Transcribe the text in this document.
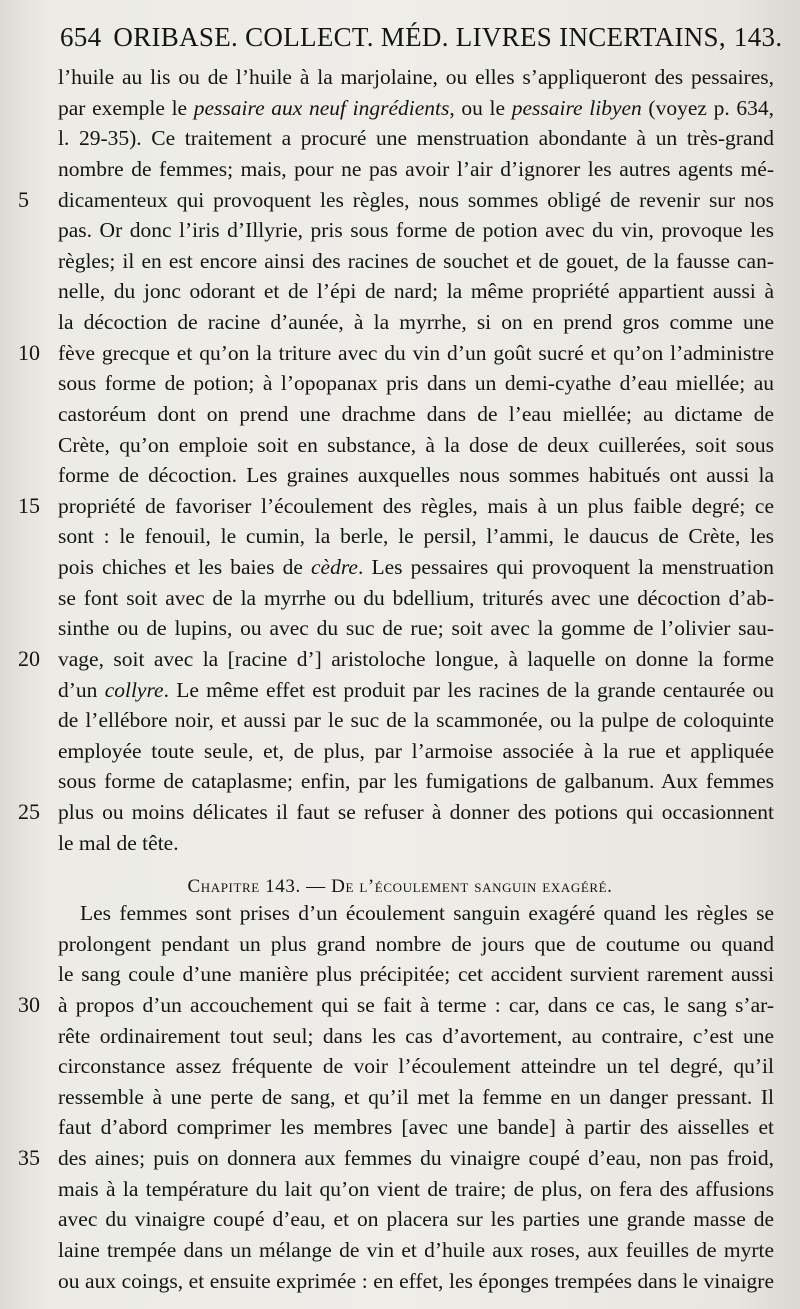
654 ORIBASE. COLLECT. MÉD. LIVRES INCERTAINS, 143.
l’huile au lis ou de l’huile à la marjolaine, ou elles s’appliqueront des pessaires,
par exemple le pessaire aux neuf ingrédients, ou le pessaire libyen (voyez p. 634,
l. 29-35). Ce traitement a procuré une menstruation abondante à un très-grand
nombre de femmes; mais, pour ne pas avoir l’air d’ignorer les autres agents mé-
dicamenteux qui provoquent les règles, nous sommes obligé de revenir sur nos
pas. Or donc l’iris d’Illyrie, pris sous forme de potion avec du vin, provoque les
règles; il en est encore ainsi des racines de souchet et de gouet, de la fausse can-
nelle, du jonc odorant et de l’épi de nard; la même propriété appartient aussi à
la décoction de racine d’aunée, à la myrrhe, si on en prend gros comme une
fève grecque et qu’on la triture avec du vin d’un goût sucré et qu’on l’administre
sous forme de potion; à l’opopanax pris dans un demi-cyathe d’eau miellée; au
castoréum dont on prend une drachme dans de l’eau miellée; au dictame de
Crète, qu’on emploie soit en substance, à la dose de deux cuillerées, soit sous
forme de décoction. Les graines auxquelles nous sommes habitués ont aussi la
propriété de favoriser l’écoulement des règles, mais à un plus faible degré; ce
sont : le fenouil, le cumin, la berle, le persil, l’ammi, le daucus de Crète, les
pois chiches et les baies de cèdre. Les pessaires qui provoquent la menstruation
se font soit avec de la myrrhe ou du bdellium, triturés avec une décoction d’ab-
sinthe ou de lupins, ou avec du suc de rue; soit avec la gomme de l’olivier sau-
vage, soit avec la [racine d’] aristoloche longue, à laquelle on donne la forme
d’un collyre. Le même effet est produit par les racines de la grande centaurée ou
de l’ellébore noir, et aussi par le suc de la scammonée, ou la pulpe de coloquinte
employée toute seule, et, de plus, par l’armoise associée à la rue et appliquée
sous forme de cataplasme; enfin, par les fumigations de galbanum. Aux femmes
plus ou moins délicates il faut se refuser à donner des potions qui occasionnent
le mal de tête.
5
10
15
20
25
Chapitre 143. — De l’écoulement sanguin exagéré.
Les femmes sont prises d’un écoulement sanguin exagéré quand les règles se
prolongent pendant un plus grand nombre de jours que de coutume ou quand
le sang coule d’une manière plus précipitée; cet accident survient rarement aussi
à propos d’un accouchement qui se fait à terme : car, dans ce cas, le sang s’ar-
rête ordinairement tout seul; dans les cas d’avortement, au contraire, c’est une
circonstance assez fréquente de voir l’écoulement atteindre un tel degré, qu’il
ressemble à une perte de sang, et qu’il met la femme en un danger pressant. Il
faut d’abord comprimer les membres [avec une bande] à partir des aisselles et
des aines; puis on donnera aux femmes du vinaigre coupé d’eau, non pas froid,
mais à la température du lait qu’on vient de traire; de plus, on fera des affusions
avec du vinaigre coupé d’eau, et on placera sur les parties une grande masse de
laine trempée dans un mélange de vin et d’huile aux roses, aux feuilles de myrte
ou aux coings, et ensuite exprimée : en effet, les éponges trempées dans le vinaigre
30
35
